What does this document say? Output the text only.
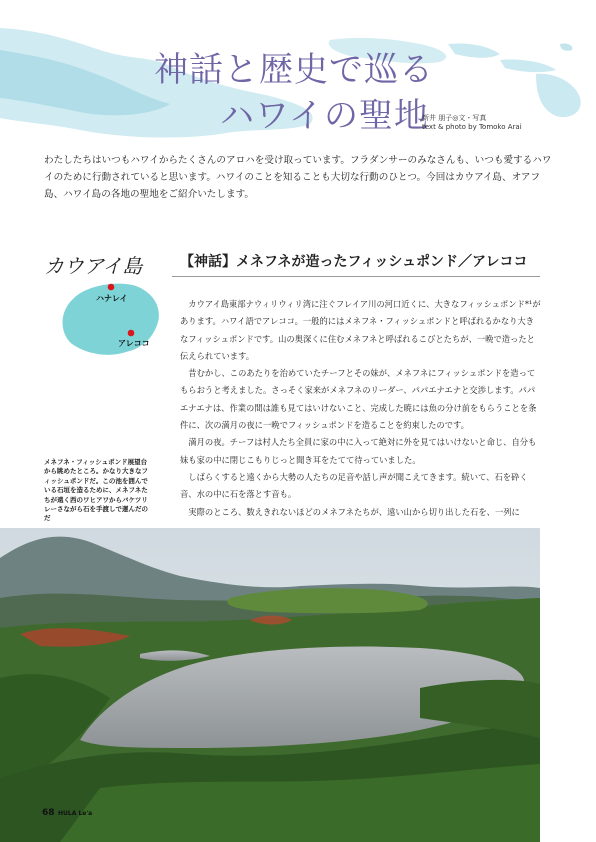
神話と歴史で巡る
ハワイの聖地
新井 朋子◎文・写真
text & photo by Tomoko Arai

わたしたちはいつもハワイからたくさんのアロハを受け取っています。フラダンサーのみなさんも、いつも愛するハワイのために行動されていると思います。ハワイのことを知ることも大切な行動のひとつ。今回はカウアイ島、オアフ島、ハワイ島の各地の聖地をご紹介いたします。

カウアイ島	【神話】メネフネが造ったフィッシュポンド／アレココ
ハナレイ
アレココ

カウアイ島東部ナウィリウィリ湾に注ぐフレイア川の河口近くに、大きなフィッシュポンド*¹があります。ハワイ語でアレココ。一般的にはメネフネ・フィッシュポンドと呼ばれるかなり大きなフィッシュポンドです。山の奥深くに住むメネフネと呼ばれるこびとたちが、一晩で造ったと伝えられています。

昔むかし、このあたりを治めていたチーフとその妹が、メネフネにフィッシュポンドを造ってもらおうと考えました。さっそく家来がメネフネのリーダー、パパエナエナと交渉します。パパエナエナは、作業の間は誰も見てはいけないこと、完成した暁には魚の分け前をもらうことを条件に、次の満月の夜に一晩でフィッシュポンドを造ることを約束したのです。

満月の夜。チーフは村人たち全員に家の中に入って絶対に外を見てはいけないと命じ、自分も妹も家の中に閉じこもりじっと聞き耳をたてて待っていました。

しばらくすると遠くから大勢の人たちの足音や話し声が聞こえてきます。続いて、石を砕く音、水の中に石を落とす音も。

実際のところ、数えきれないほどのメネフネたちが、遠い山から切り出した石を、一列に

メネフネ・フィッシュポンド展望台から眺めたところ。かなり大きなフィッシュポンドだ。この池を囲んでいる石垣を造るために、メネフネたちが遠く西のワヒアワからバケツリレーさながら石を手渡しで運んだのだ

68 HULA Le'a
